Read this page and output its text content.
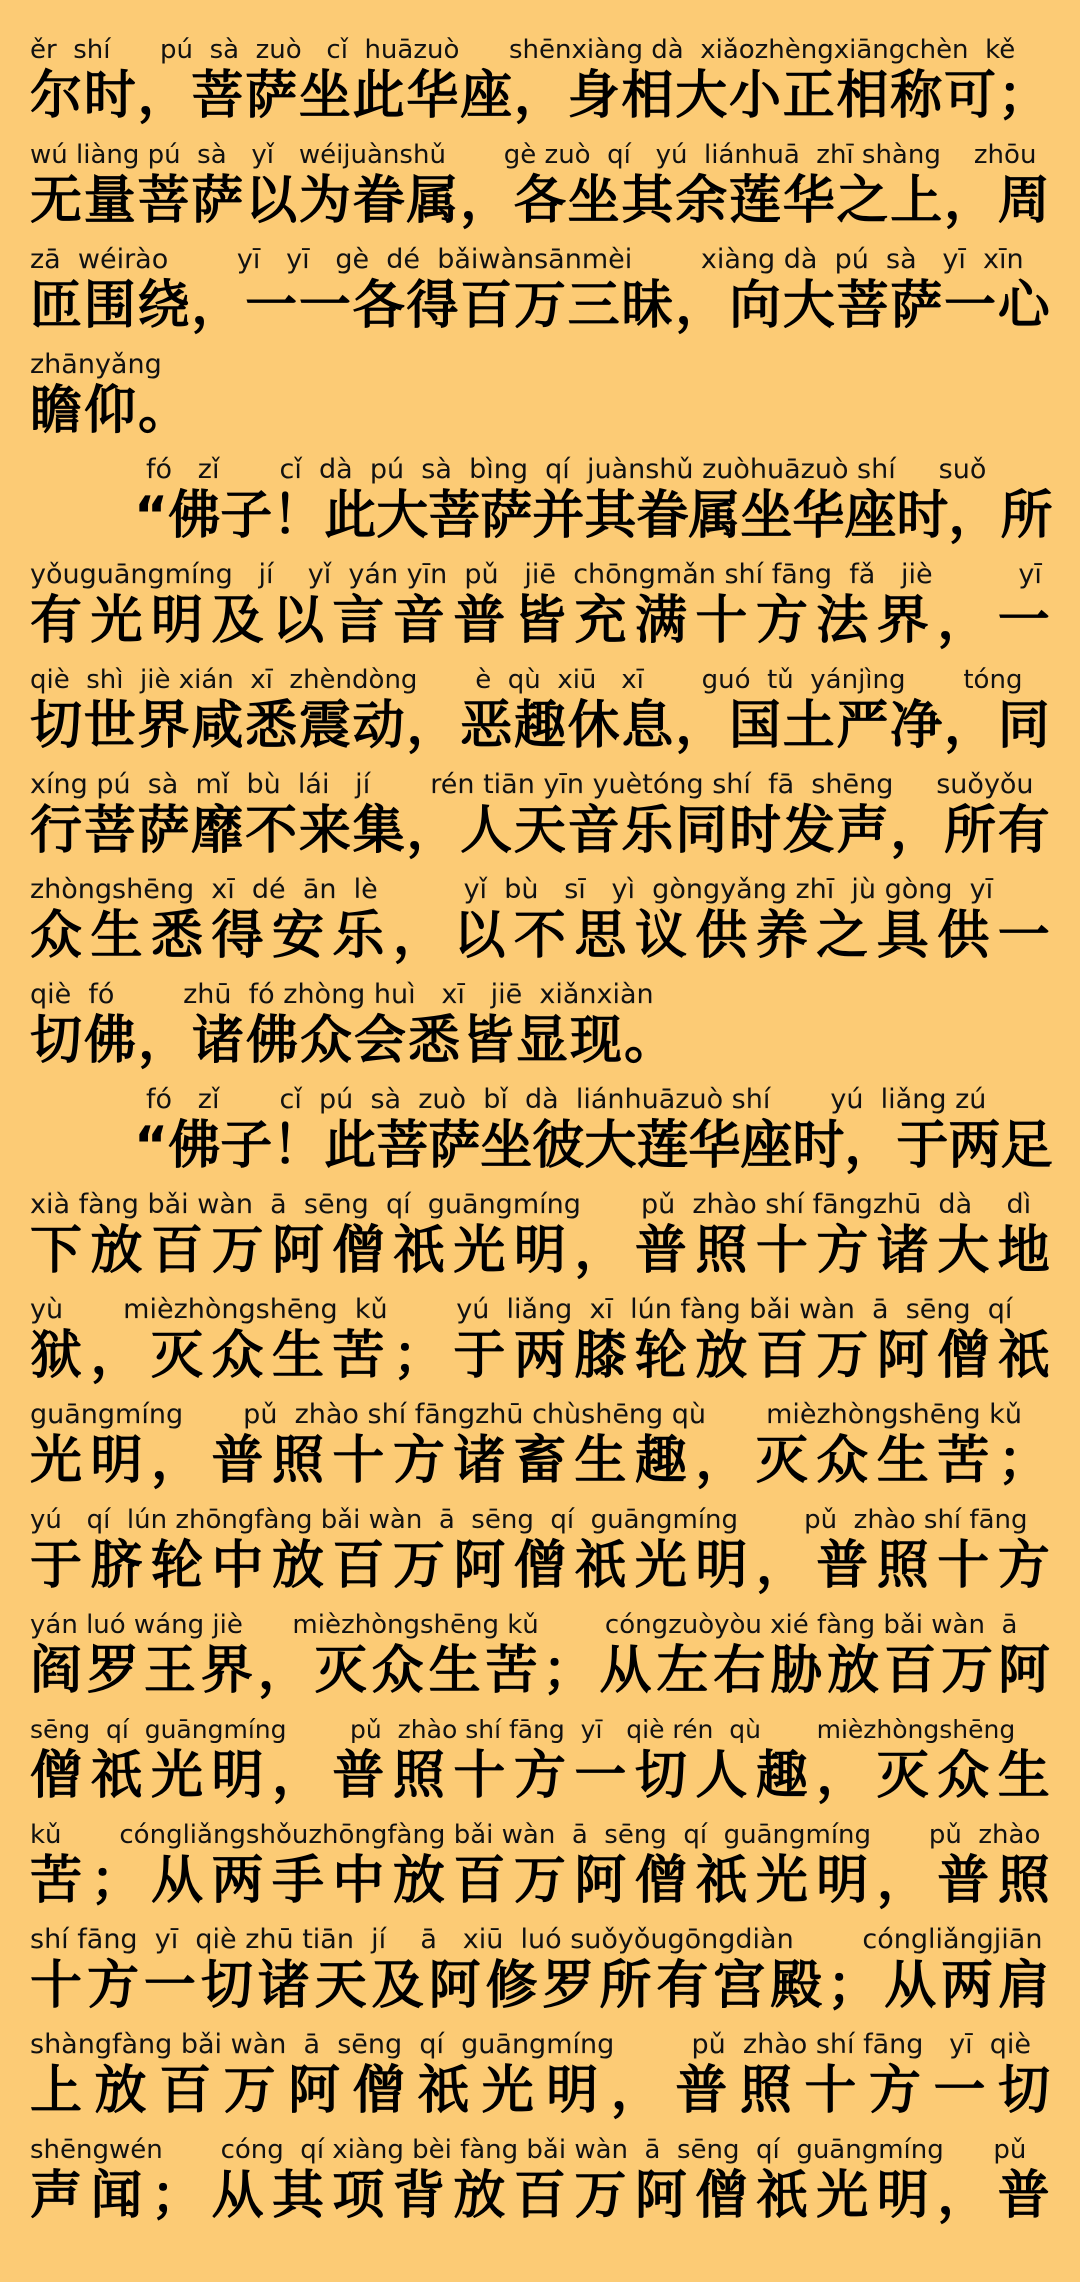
ěr  shí      pú  sà  zuò   cǐ  huāzuò      shēnxiàng dà  xiǎozhèngxiāngchèn  kě
尔 时 ， 菩 萨 坐 此 华 座 ， 身 相 大 小 正 相 称 可 ；
wú liàng pú  sà   yǐ   wéijuànshǔ       gè zuò  qí   yú  liánhuā  zhī shàng    zhōu
无 量 菩 萨 以 为 眷 属 ， 各 坐 其 余 莲 华 之 上 ， 周
zā  wéirào        yī   yī   gè  dé  bǎiwànsānmèi        xiàng dà  pú  sà   yī  xīn
匝 围 绕 ， 一 一 各 得 百 万 三 昧 ， 向 大 菩 萨 一 心
zhānyǎng
瞻仰。
fó   zǐ       cǐ  dà  pú  sà  bìng  qí  juànshǔ zuòhuāzuò shí     suǒ
“ 佛 子 ！ 此 大 菩 萨 并 其 眷 属 坐 华 座 时 ， 所
yǒuguāngmíng   jí    yǐ  yán yīn  pǔ   jiē  chōngmǎn shí fāng  fǎ   jiè          yī
有 光 明 及 以 言 音 普 皆 充 满 十 方 法 界 ， 一
qiè  shì  jiè xián  xī  zhèndòng       è  qù  xiū   xī       guó  tǔ  yánjìng       tóng
切 世 界 咸 悉 震 动 ， 恶 趣 休 息 ， 国 土 严 净 ， 同
xíng pú  sà  mǐ  bù  lái   jí       rén tiān yīn yuètóng shí  fā  shēng     suǒyǒu
行 菩 萨 靡 不 来 集 ， 人 天 音 乐 同 时 发 声 ， 所 有
zhòngshēng  xī  dé  ān  lè          yǐ  bù   sī   yì  gòngyǎng zhī  jù gòng  yī
众 生 悉 得 安 乐 ， 以 不 思 议 供 养 之 具 供 一
qiè  fó        zhū  fó zhòng huì   xī   jiē  xiǎnxiàn
切佛，诸佛众会悉皆显现。
fó   zǐ       cǐ  pú  sà  zuò  bǐ  dà  liánhuāzuò shí       yú  liǎng zú
“ 佛 子 ！ 此 菩 萨 坐 彼 大 莲 华 座 时 ， 于 两 足
xià fàng bǎi wàn  ā  sēng  qí  guāngmíng       pǔ  zhào shí fāngzhū  dà    dì
下 放 百 万 阿 僧 祇 光 明 ， 普 照 十 方 诸 大 地
yù       mièzhòngshēng  kǔ        yú  liǎng  xī  lún fàng bǎi wàn  ā  sēng  qí
狱 ， 灭 众 生 苦 ； 于 两 膝 轮 放 百 万 阿 僧 祇
guāngmíng       pǔ  zhào shí fāngzhū chùshēng qù       mièzhòngshēng kǔ
光 明 ， 普 照 十 方 诸 畜 生 趣 ， 灭 众 生 苦 ；
yú   qí  lún zhōngfàng bǎi wàn  ā  sēng  qí  guāngmíng        pǔ  zhào shí fāng
于 脐 轮 中 放 百 万 阿 僧 祇 光 明 ， 普 照 十 方
yán luó wáng jiè      mièzhòngshēng kǔ        cóngzuòyòu xié fàng bǎi wàn  ā
阎 罗 王 界 ， 灭 众 生 苦 ； 从 左 右 胁 放 百 万 阿
sēng  qí  guāngmíng        pǔ  zhào shí fāng  yī   qiè rén  qù       mièzhòngshēng
僧 祇 光 明 ， 普 照 十 方 一 切 人 趣 ， 灭 众 生
kǔ       cóngliǎngshǒuzhōngfàng bǎi wàn  ā  sēng  qí  guāngmíng       pǔ  zhào
苦 ； 从 两 手 中 放 百 万 阿 僧 祇 光 明 ， 普 照
shí fāng  yī  qiè zhū tiān  jí    ā   xiū  luó suǒyǒugōngdiàn        cóngliǎngjiān
十 方 一 切 诸 天 及 阿 修 罗 所 有 宫 殿 ； 从 两 肩
shàngfàng bǎi wàn  ā  sēng  qí  guāngmíng         pǔ  zhào shí fāng   yī  qiè
上 放 百 万 阿 僧 祇 光 明 ， 普 照 十 方 一 切
shēngwén       cóng  qí xiàng bèi fàng bǎi wàn  ā  sēng  qí  guāngmíng      pǔ
声 闻 ； 从 其 项 背 放 百 万 阿 僧 祇 光 明 ， 普
